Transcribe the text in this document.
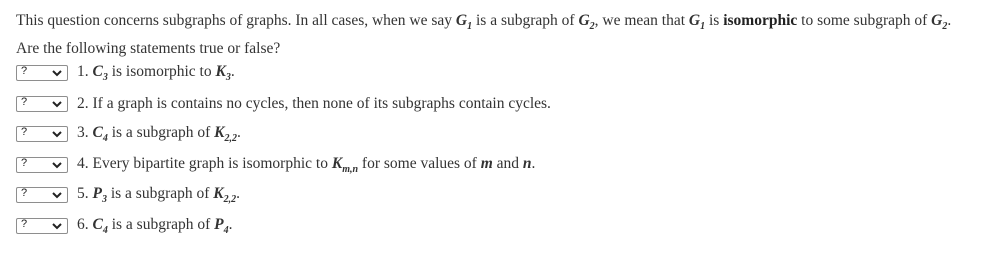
This question concerns subgraphs of graphs. In all cases, when we say $G_1$ is a subgraph of $G_2$, we mean that $G_1$ is isomorphic to some subgraph of $G_2$.
Are the following statements true or false?
?	1. $C_3$ is isomorphic to $K_3$.
?	2. If a graph is contains no cycles, then none of its subgraphs contain cycles.
?	3. $C_4$ is a subgraph of $K_{2,2}$.
?	4. Every bipartite graph is isomorphic to $K_{m,n}$ for some values of m and n.
?	5. $P_3$ is a subgraph of $K_{2,2}$.
?	6. $C_4$ is a subgraph of $P_4$.
